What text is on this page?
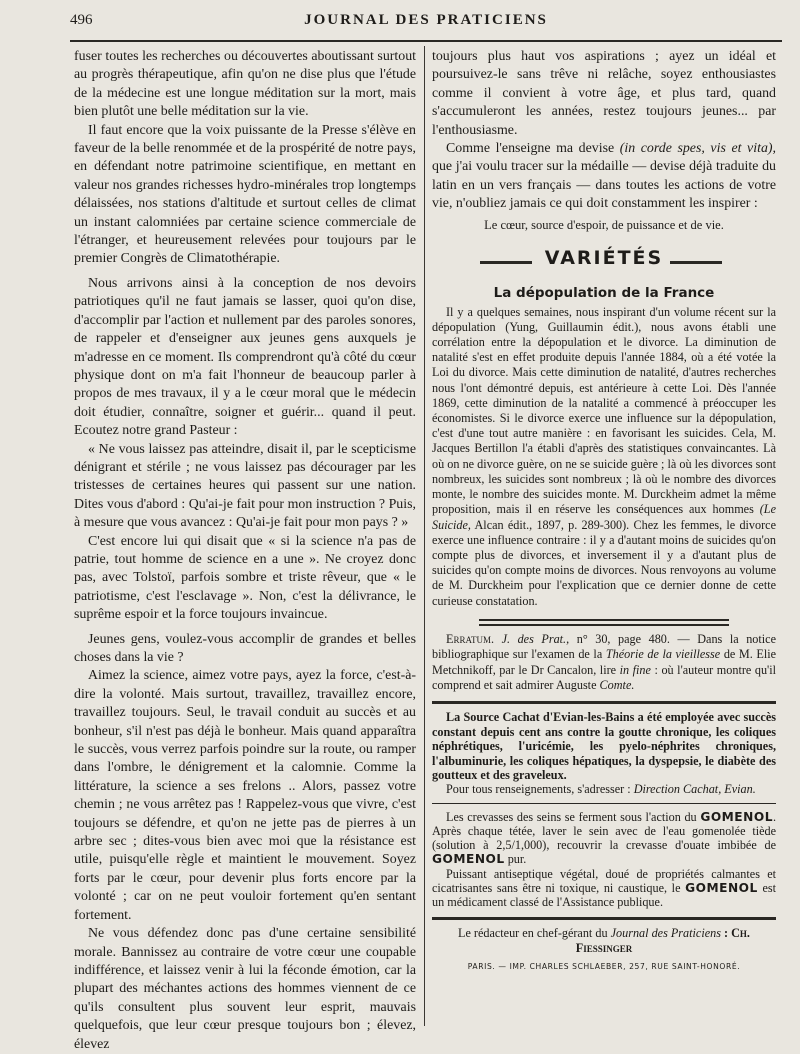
496	JOURNAL DES PRATICIENS

fuser toutes les recherches ou découvertes aboutissant surtout au progrès thérapeutique, afin qu'on ne dise plus que l'étude de la médecine est une longue méditation sur la mort, mais bien plutôt une belle méditation sur la vie.

Il faut encore que la voix puissante de la Presse s'élève en faveur de la belle renommée et de la prospérité de notre pays, en défendant notre patrimoine scientifique, en mettant en valeur nos grandes richesses hydro-minérales trop longtemps délaissées, nos stations d'altitude et surtout celles de climat un instant calomniées par certaine science commerciale de l'étranger, et heureusement relevées pour toujours par le premier Congrès de Climatothérapie.

Nous arrivons ainsi à la conception de nos devoirs patriotiques qu'il ne faut jamais se lasser, quoi qu'on dise, d'accomplir par l'action et nullement par des paroles sonores, de rappeler et d'enseigner aux jeunes gens auxquels je m'adresse en ce moment. Ils comprendront qu'à côté du cœur physique dont on m'a fait l'honneur de beaucoup parler à propos de mes travaux, il y a le cœur moral que le médecin doit étudier, connaître, soigner et guérir... quand il peut. Ecoutez notre grand Pasteur :

« Ne vous laissez pas atteindre, disait il, par le scepticisme dénigrant et stérile ; ne vous laissez pas décourager par les tristesses de certaines heures qui passent sur une nation. Dites vous d'abord : Qu'ai-je fait pour mon instruction ? Puis, à mesure que vous avancez : Qu'ai-je fait pour mon pays ? »

C'est encore lui qui disait que « si la science n'a pas de patrie, tout homme de science en a une ». Ne croyez donc pas, avec Tolstoï, parfois sombre et triste rêveur, que « le patriotisme, c'est l'esclavage ». Non, c'est la délivrance, le suprême espoir et la force toujours invaincue.

Jeunes gens, voulez-vous accomplir de grandes et belles choses dans la vie ?

Aimez la science, aimez votre pays, ayez la force, c'est-à-dire la volonté. Mais surtout, travaillez, travaillez encore, travaillez toujours. Seul, le travail conduit au succès et au bonheur, s'il n'est pas déjà le bonheur. Mais quand apparaîtra le succès, vous verrez parfois poindre sur la route, ou ramper dans l'ombre, le dénigrement et la calomnie. Comme la littérature, la science a ses frelons .. Alors, passez votre chemin ; ne vous arrêtez pas ! Rappelez-vous que vivre, c'est toujours se défendre, et qu'on ne jette pas de pierres à un arbre sec ; dites-vous bien avec moi que la résistance est utile, puisqu'elle règle et maintient le mouvement. Soyez forts par le cœur, pour devenir plus forts encore par la volonté ; car on ne peut vouloir fortement qu'en sentant fortement.

Ne vous défendez donc pas d'une certaine sensibilité morale. Bannissez au contraire de votre cœur une coupable indifférence, et laissez venir à lui la féconde émotion, car la plupart des méchantes actions des hommes viennent de ce qu'ils consultent plus souvent leur esprit, mauvais quelquefois, que leur cœur presque toujours bon ; élevez, élevez

toujours plus haut vos aspirations ; ayez un idéal et poursuivez-le sans trêve ni relâche, soyez enthousiastes comme il convient à votre âge, et plus tard, quand s'accumuleront les années, restez toujours jeunes... par l'enthousiasme.

Comme l'enseigne ma devise (in corde spes, vis et vita), que j'ai voulu tracer sur la médaille — devise déjà traduite du latin en un vers français — dans toutes les actions de votre vie, n'oubliez jamais ce qui doit constamment les inspirer :

Le cœur, source d'espoir, de puissance et de vie.

VARIÉTÉS
La dépopulation de la France

Il y a quelques semaines, nous inspirant d'un volume récent sur la dépopulation (Yung, Guillaumin édit.), nous avons établi une corrélation entre la dépopulation et le divorce. La diminution de natalité s'est en effet produite depuis l'année 1884, où a été votée la Loi du divorce. Mais cette diminution de natalité, d'autres recherches nous l'ont démontré depuis, est antérieure à cette Loi. Dès l'année 1869, cette diminution de la natalité a commencé à préoccuper les économistes. Si le divorce exerce une influence sur la dépopulation, c'est d'une tout autre manière : en favorisant les suicides. Cela, M. Jacques Bertillon l'a établi d'après des statistiques convaincantes. Là où on ne divorce guère, on ne se suicide guère ; là où les divorces sont nombreux, les suicides sont nombreux ; là où le nombre des divorces monte, le nombre des suicides monte. M. Durckheim admet la même proposition, mais il en réserve les conséquences aux hommes (Le Suicide, Alcan édit., 1897, p. 289-300). Chez les femmes, le divorce exerce une influence contraire : il y a d'autant moins de suicides qu'on compte plus de divorces, et inversement il y a d'autant plus de suicides qu'on compte moins de divorces. Nous renvoyons au volume de M. Durckheim pour l'explication que ce dernier donne de cette curieuse constatation.

Erratum. J. des Prat., n° 30, page 480. — Dans la notice bibliographique sur l'examen de la Théorie de la vieillesse de M. Elie Metchnikoff, par le Dr Cancalon, lire in fine : où l'auteur montre qu'il comprend et sait admirer Auguste Comte.

La Source Cachat d'Evian-les-Bains a été employée avec succès constant depuis cent ans contre la goutte chronique, les coliques néphrétiques, l'uricémie, les pyelo-néphrites chroniques, l'albuminurie, les coliques hépatiques, la dyspepsie, le diabète des goutteux et des graveleux.

Pour tous renseignements, s'adresser : Direction Cachat, Evian.

Les crevasses des seins se ferment sous l'action du GOMENOL. Après chaque tétée, laver le sein avec de l'eau gomenolée tiède (solution à 2,5/1,000), recouvrir la crevasse d'ouate imbibée de GOMENOL pur.

Puissant antiseptique végétal, doué de propriétés calmantes et cicatrisantes sans être ni toxique, ni caustique, le GOMENOL est un médicament classé de l'Assistance publique.

Le rédacteur en chef-gérant du Journal des Praticiens : Ch. Fiessinger

PARIS. — IMP. CHARLES SCHLAEBER, 257, RUE SAINT-HONORÉ.
